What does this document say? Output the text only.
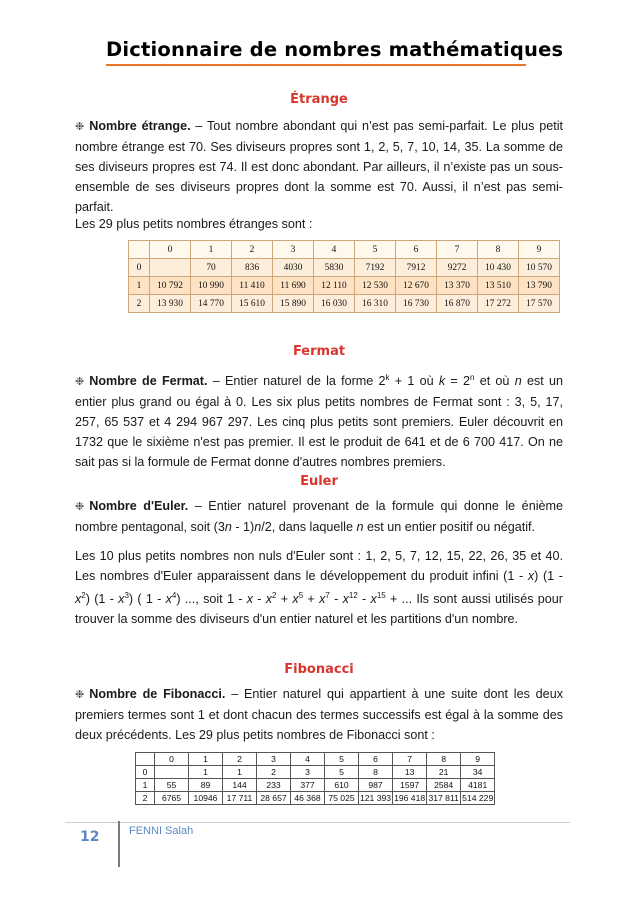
Dictionnaire de nombres mathématiques
Étrange
❉ Nombre étrange. – Tout nombre abondant qui n’est pas semi-parfait. Le plus petit nombre étrange est 70. Ses diviseurs propres sont 1, 2, 5, 7, 10, 14, 35. La somme de ses diviseurs propres est 74. Il est donc abondant. Par ailleurs, il n’existe pas un sous-ensemble de ses diviseurs propres dont la somme est 70. Aussi, il n’est pas semi-parfait.
Les 29 plus petits nombres étranges sont :
	0	1	2	3	4	5	6	7	8	9
0		70	836	4030	5830	7192	7912	9272	10 430	10 570
1	10 792	10 990	11 410	11 690	12 110	12 530	12 670	13 370	13 510	13 790
2	13 930	14 770	15 610	15 890	16 030	16 310	16 730	16 870	17 272	17 570
Fermat
❉ Nombre de Fermat. – Entier naturel de la forme $2^k + 1$ où $k = 2^n$ et où n est un entier plus grand ou égal à 0. Les six plus petits nombres de Fermat sont : 3, 5, 17, 257, 65 537 et 4 294 967 297. Les cinq plus petits sont premiers. Euler découvrit en 1732 que le sixième n'est pas premier. Il est le produit de 641 et de 6 700 417. On ne sait pas si la formule de Fermat donne d'autres nombres premiers.
Euler
❉ Nombre d'Euler. – Entier naturel provenant de la formule qui donne le énième nombre pentagonal, soit (3n - 1)n/2, dans laquelle n est un entier positif ou négatif.
Les 10 plus petits nombres non nuls d'Euler sont : 1, 2, 5, 7, 12, 15, 22, 26, 35 et 40. Les nombres d'Euler apparaissent dans le développement du produit infini (1 - x) $(1 - x^2)$ $(1 - x^3)$ ( $1 - x^4$) ..., soit $1 - x - x^2 + x^5 + x^7 - x^{12} - x^{15}$ + ... Ils sont aussi utilisés pour trouver la somme des diviseurs d'un entier naturel et les partitions d'un nombre.
Fibonacci
❉ Nombre de Fibonacci. – Entier naturel qui appartient à une suite dont les deux premiers termes sont 1 et dont chacun des termes successifs est égal à la somme des deux précédents. Les 29 plus petits nombres de Fibonacci sont :
	0	1	2	3	4	5	6	7	8	9
0		1	1	2	3	5	8	13	21	34
1	55	89	144	233	377	610	987	1597	2584	4181
2	6765	10946	17 711	28 657	46 368	75 025	121 393	196 418	317 811	514 229
12	FENNI Salah
